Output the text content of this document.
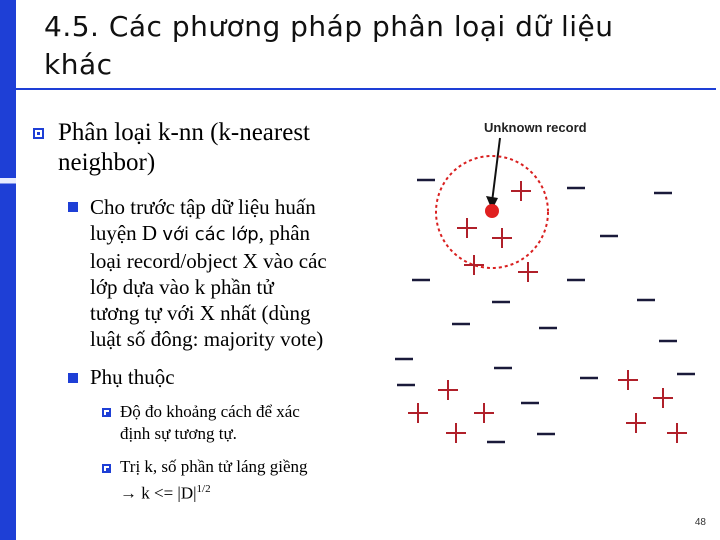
4.5. Các phương pháp phân loại dữ liệu
khác
Phân loại k-nn (k-nearest
neighbor)
Cho trước tập dữ liệu huấn
luyện D với các lớp, phân
loại record/object X vào các
lớp dựa vào k phần tử
tương tự với X nhất (dùng
luật số đông: majority vote)
Phụ thuộc
Độ đo khoảng cách để xác
định sự tương tự.
Trị k, số phần tử láng giềng
→ $k <= |D|^{1/2}$
Unknown record
48
